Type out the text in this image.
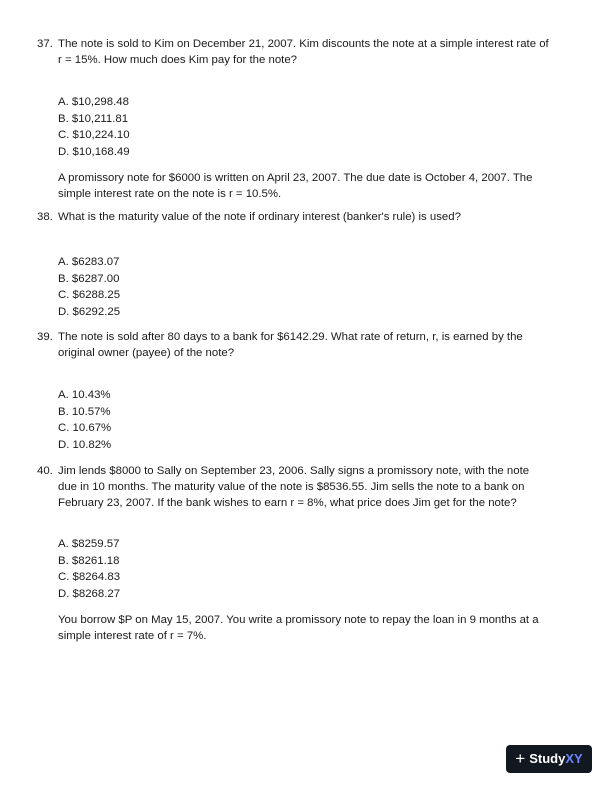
37. The note is sold to Kim on December 21, 2007. Kim discounts the note at a simple interest rate of
r = 15%. How much does Kim pay for the note?
A. $10,298.48
B. $10,211.81
C. $10,224.10
D. $10,168.49
A promissory note for $6000 is written on April 23, 2007. The due date is October 4, 2007. The
simple interest rate on the note is r = 10.5%.
38. What is the maturity value of the note if ordinary interest (banker's rule) is used?
A. $6283.07
B. $6287.00
C. $6288.25
D. $6292.25
39. The note is sold after 80 days to a bank for $6142.29. What rate of return, r, is earned by the
original owner (payee) of the note?
A. 10.43%
B. 10.57%
C. 10.67%
D. 10.82%
40. Jim lends $8000 to Sally on September 23, 2006. Sally signs a promissory note, with the note
due in 10 months. The maturity value of the note is $8536.55. Jim sells the note to a bank on
February 23, 2007. If the bank wishes to earn r = 8%, what price does Jim get for the note?
A. $8259.57
B. $8261.18
C. $8264.83
D. $8268.27
You borrow $P on May 15, 2007. You write a promissory note to repay the loan in 9 months at a
simple interest rate of r = 7%.
+ StudyXY
